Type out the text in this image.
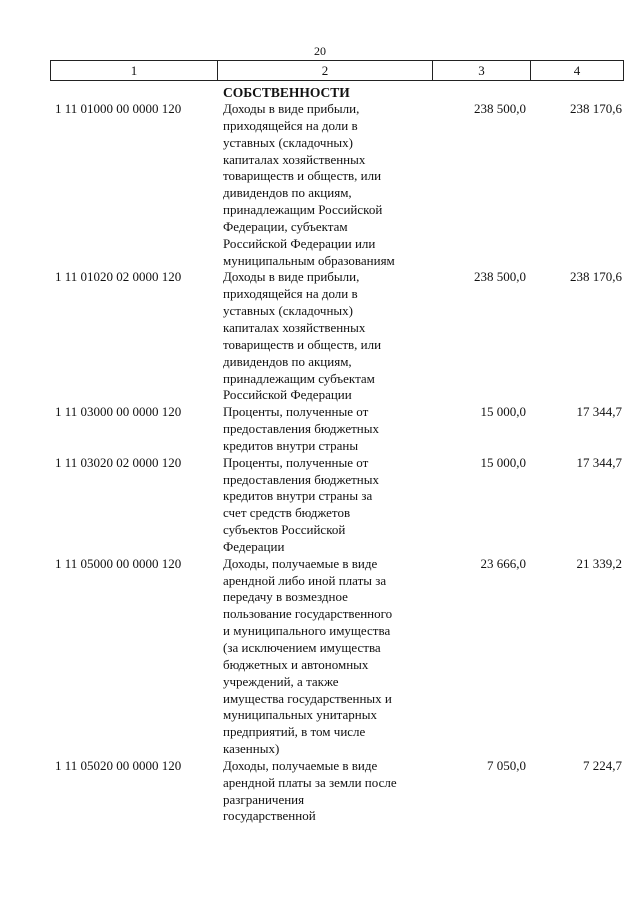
20
1	2	3	4
СОБСТВЕННОСТИ
1 11 01000 00 0000 120	Доходы в виде прибыли,
приходящейся на доли в
уставных (складочных)
капиталах хозяйственных
товариществ и обществ, или
дивидендов по акциям,
принадлежащим Российской
Федерации, субъектам
Российской Федерации или
муниципальным образованиям
238 500,0	238 170,6
1 11 01020 02 0000 120	Доходы в виде прибыли,
приходящейся на доли в
уставных (складочных)
капиталах хозяйственных
товариществ и обществ, или
дивидендов по акциям,
принадлежащим субъектам
Российской Федерации
238 500,0	238 170,6
1 11 03000 00 0000 120	Проценты, полученные от
предоставления бюджетных
кредитов внутри страны
15 000,0	17 344,7
1 11 03020 02 0000 120	Проценты, полученные от
предоставления бюджетных
кредитов внутри страны за
счет средств бюджетов
субъектов Российской
Федерации
15 000,0	17 344,7
1 11 05000 00 0000 120	Доходы, получаемые в виде
арендной либо иной платы за
передачу в возмездное
пользование государственного
и муниципального имущества
(за исключением имущества
бюджетных и автономных
учреждений, а также
имущества государственных и
муниципальных унитарных
предприятий, в том числе
казенных)
23 666,0	21 339,2
1 11 05020 00 0000 120	Доходы, получаемые в виде
арендной платы за земли после
разграничения
государственной
7 050,0	7 224,7
